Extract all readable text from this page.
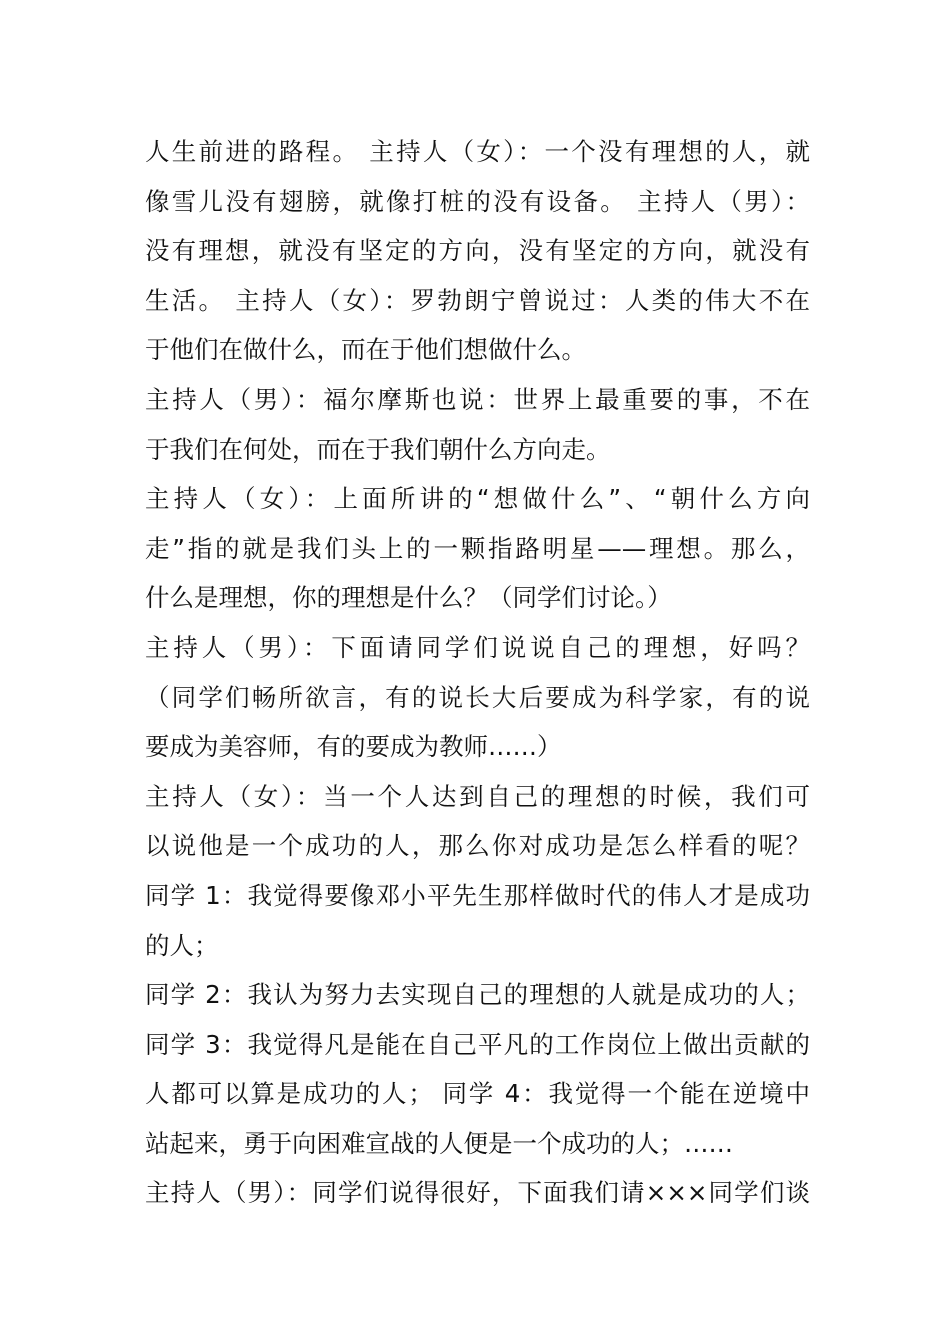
人生前进的路程。 主持人（女）：一个没有理想的人，就
像雪儿没有翅膀，就像打桩的没有设备。 主持人（男）：
没有理想，就没有坚定的方向，没有坚定的方向，就没有
生活。 主持人（女）：罗勃朗宁曾说过：人类的伟大不在
于他们在做什么，而在于他们想做什么。
主持人（男）：福尔摩斯也说：世界上最重要的事，不在
于我们在何处，而在于我们朝什么方向走。
主持人（女）：上面所讲的“想做什么”、“朝什么方向
走”指的就是我们头上的一颗指路明星——理想。那么，
什么是理想，你的理想是什么？（同学们讨论。）
主持人（男）：下面请同学们说说自己的理想，好吗？
（同学们畅所欲言，有的说长大后要成为科学家，有的说
要成为美容师，有的要成为教师……）
主持人（女）：当一个人达到自己的理想的时候，我们可
以说他是一个成功的人，那么你对成功是怎么样看的呢？
同学 1：我觉得要像邓小平先生那样做时代的伟人才是成功
的人；
同学 2：我认为努力去实现自己的理想的人就是成功的人；
同学 3：我觉得凡是能在自己平凡的工作岗位上做出贡献的
人都可以算是成功的人； 同学 4：我觉得一个能在逆境中
站起来，勇于向困难宣战的人便是一个成功的人；……
主持人（男）：同学们说得很好，下面我们请×××同学们谈
